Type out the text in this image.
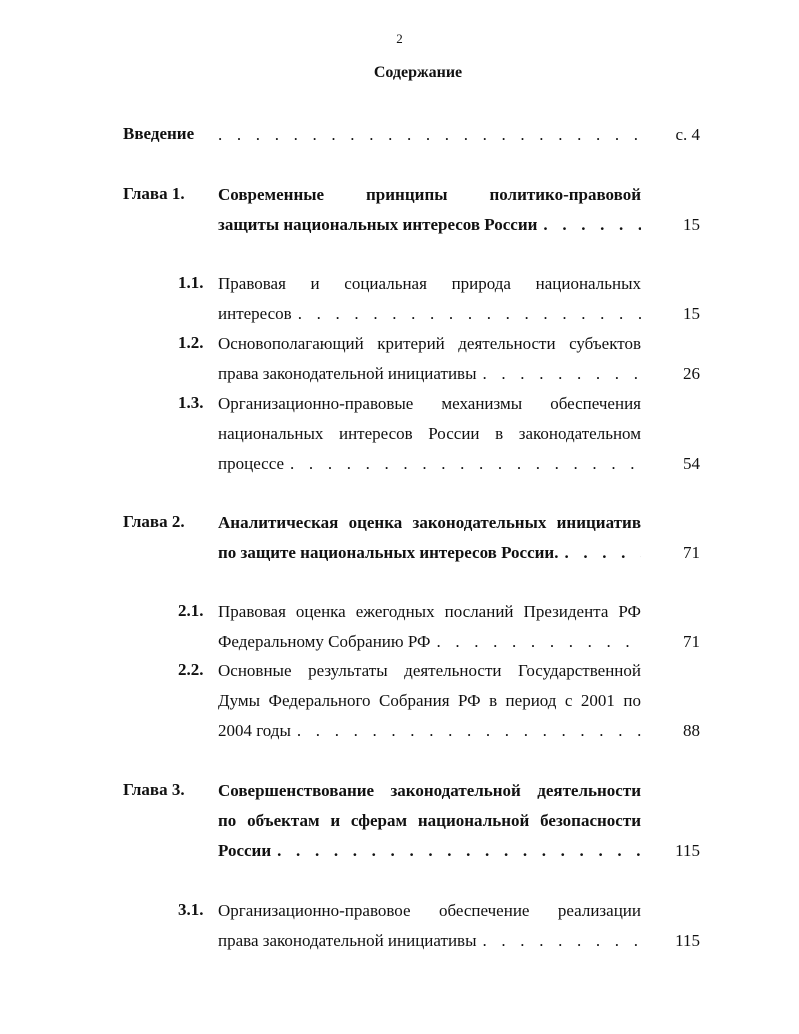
2
Содержание
Введение . . .	с. 4
Глава 1. Современные принципы политико-правовой
защиты национальных интересов России . . .	15
1.1. Правовая и социальная природа национальных
интересов . . .	15
1.2. Основополагающий критерий деятельности субъектов
права законодательной инициативы . . .	26
1.3. Организационно-правовые механизмы обеспечения
национальных интересов России в законодательном
процессе . . .	54
Глава 2. Аналитическая оценка законодательных инициатив
по защите национальных интересов России. . . .	71
2.1. Правовая оценка ежегодных посланий Президента РФ
Федеральному Собранию РФ . . .	71
2.2. Основные результаты деятельности Государственной
Думы Федерального Собрания РФ в период с 2001 по
2004 годы . . .	88
Глава 3. Совершенствование законодательной деятельности
по объектам и сферам национальной безопасности
России . . .	115
3.1. Организационно-правовое обеспечение реализации
права законодательной инициативы . . .	115
